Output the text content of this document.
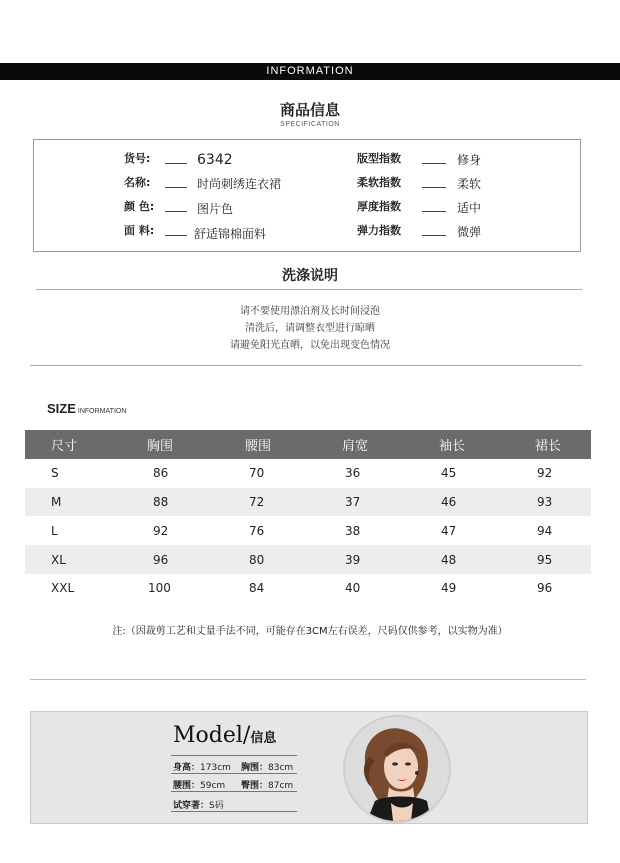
INFORMATION
商品信息
SPECIFICATION
货号:	6342
名称:	时尚刺绣连衣裙
颜 色:	图片色
面 料:	舒适锦棉面料
版型指数	修身
柔软指数	柔软
厚度指数	适中
弹力指数	微弹
洗涤说明
请不要使用漂泊剂及长时间浸泡
清洗后，请调整衣型进行晾晒
请避免阳光直晒，以免出现变色情况
SIZE INFORMATION
尺寸	胸围	腰围	肩宽	袖长	裙长
S	86	70	36	45	92
M	88	72	37	46	93
L	92	76	38	47	94
XL	96	80	39	48	95
XXL	100	84	40	49	96
注:（因裁剪工艺和丈量手法不同，可能存在3CM左右误差，尺码仅供参考，以实物为准）
Model/信息
身高：173cm 胸围：83cm
腰围：59cm 臀围：87cm
试穿著：S码
